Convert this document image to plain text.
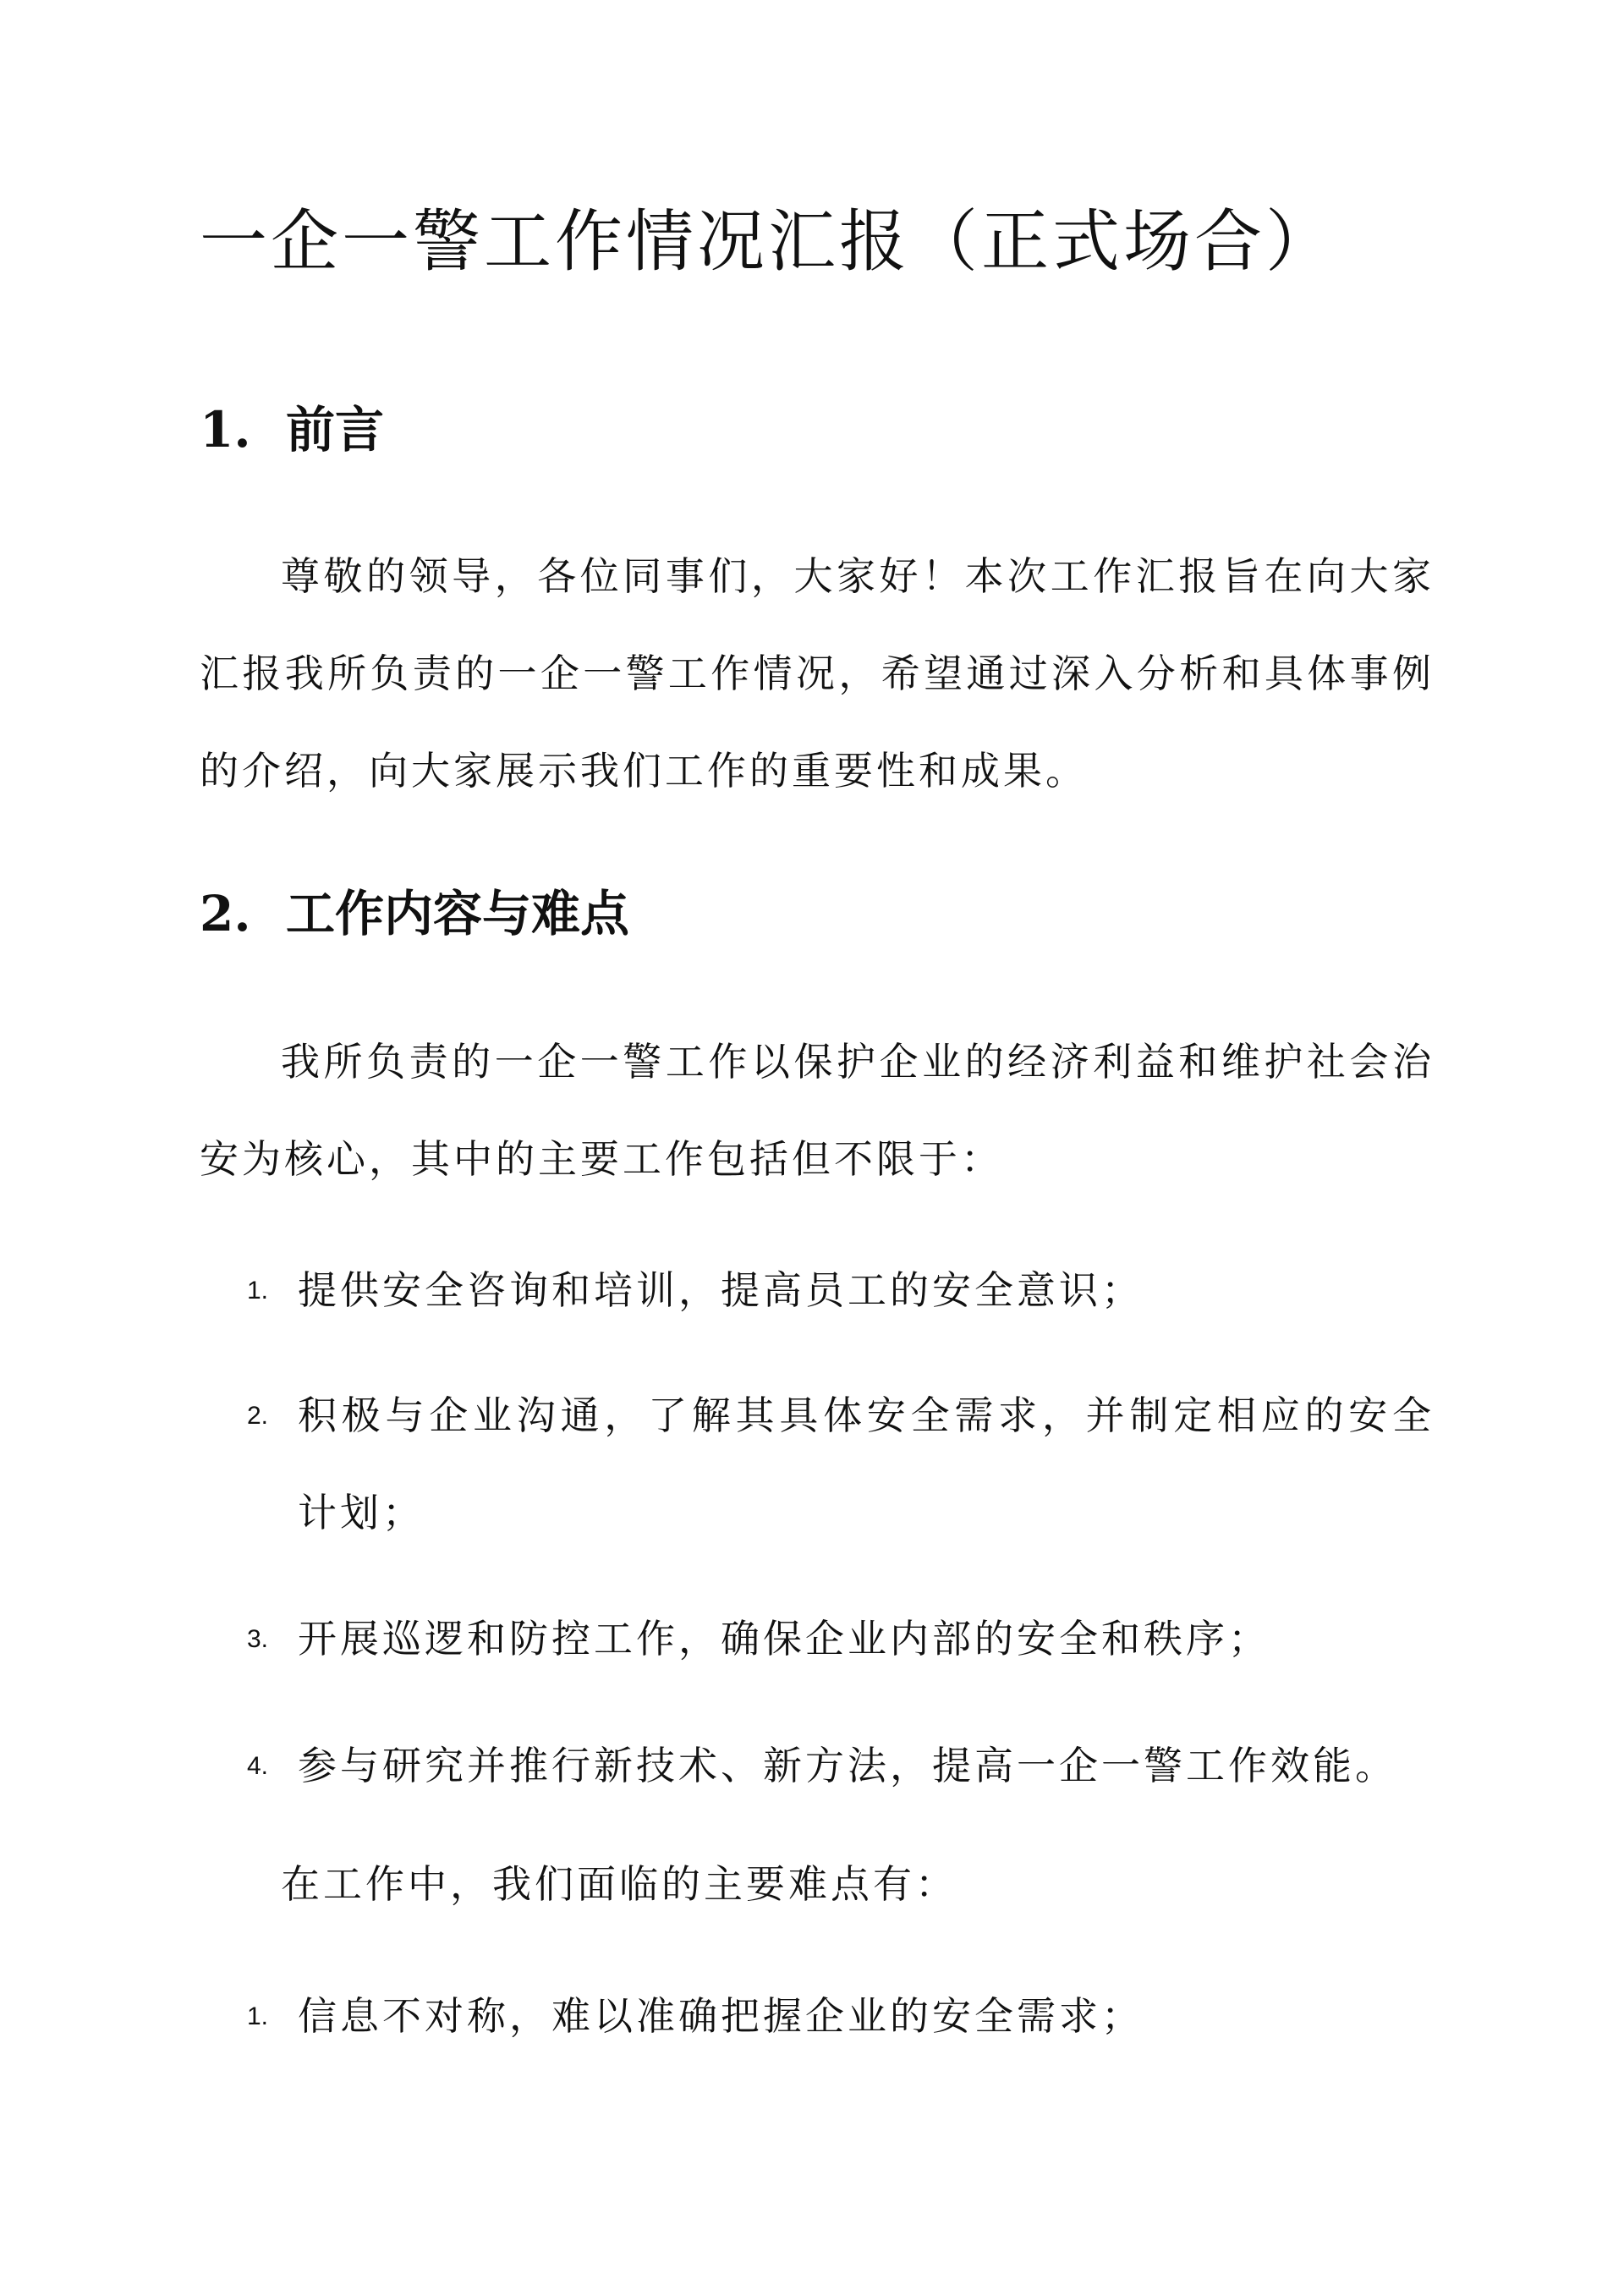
一企一警工作情况汇报（正式场合）
1. 前言

尊敬的领导，各位同事们，大家好！本次工作汇报旨在向大家汇报我所负责的一企一警工作情况，希望通过深入分析和具体事例的介绍，向大家展示我们工作的重要性和成果。

2. 工作内容与难点

我所负责的一企一警工作以保护企业的经济利益和维护社会治安为核心，其中的主要工作包括但不限于：

1. 提供安全咨询和培训，提高员工的安全意识；
2. 积极与企业沟通，了解其具体安全需求，并制定相应的安全计划；
3. 开展巡逻和防控工作，确保企业内部的安全和秩序；
4. 参与研究并推行新技术、新方法，提高一企一警工作效能。

在工作中，我们面临的主要难点有：

1. 信息不对称，难以准确把握企业的安全需求；
